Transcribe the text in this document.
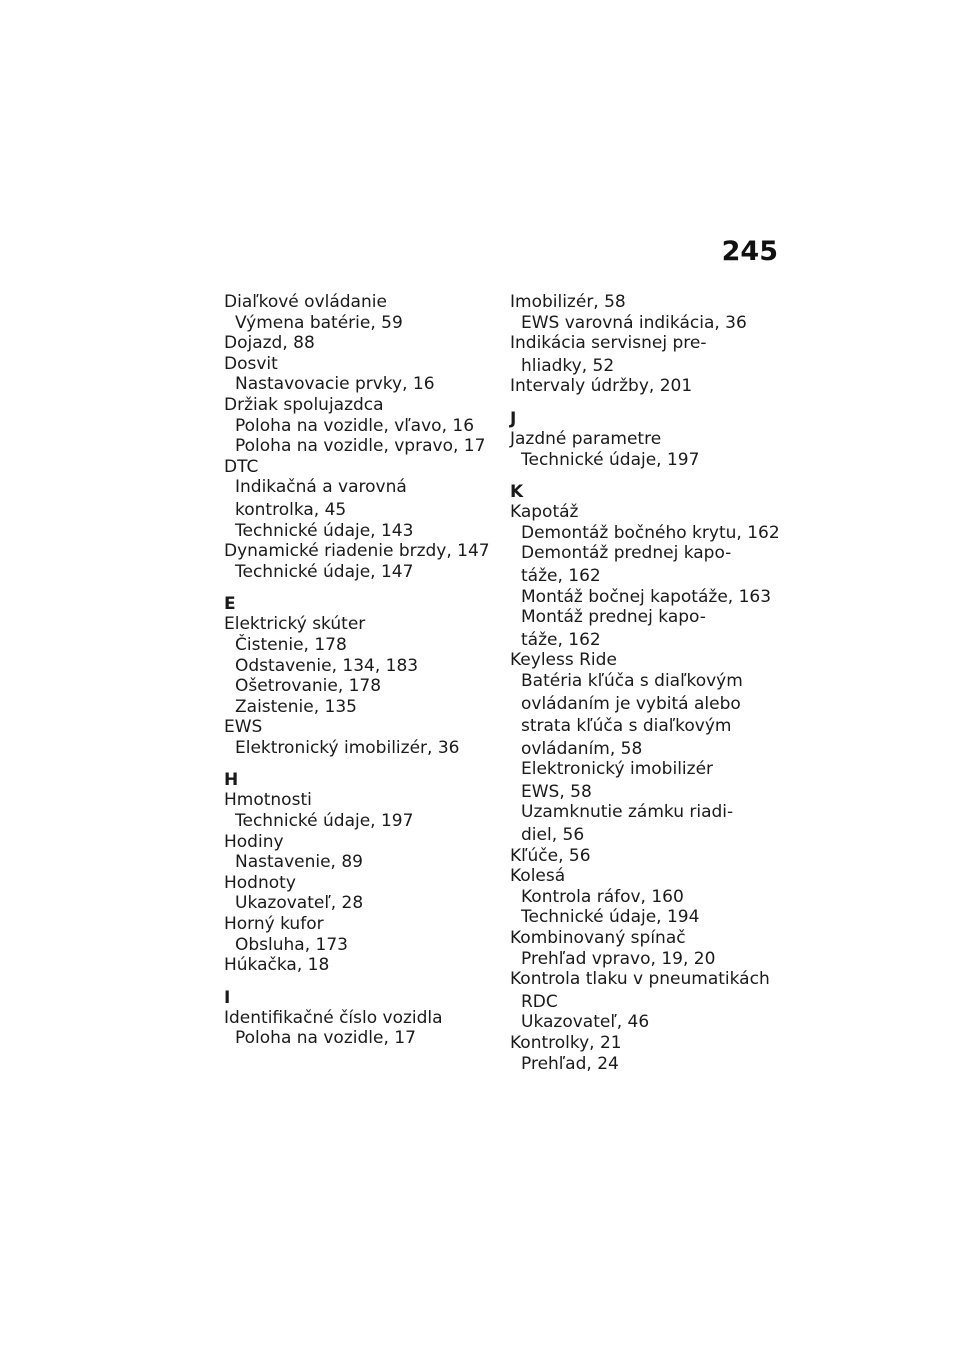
245
Diaľkové ovládanie
Výmena batérie, 59
Dojazd, 88
Dosvit
Nastavovacie prvky, 16
Držiak spolujazdca
Poloha na vozidle, vľavo, 16
Poloha na vozidle, vpravo, 17
DTC
Indikačná a varovná
kontrolka, 45
Technické údaje, 143
Dynamické riadenie brzdy, 147
Technické údaje, 147
E
Elektrický skúter
Čistenie, 178
Odstavenie, 134, 183
Ošetrovanie, 178
Zaistenie, 135
EWS
Elektronický imobilizér, 36
H
Hmotnosti
Technické údaje, 197
Hodiny
Nastavenie, 89
Hodnoty
Ukazovateľ, 28
Horný kufor
Obsluha, 173
Húkačka, 18
I
Identifikačné číslo vozidla
Poloha na vozidle, 17
Imobilizér, 58
EWS varovná indikácia, 36
Indikácia servisnej pre-
hliadky, 52
Intervaly údržby, 201
J
Jazdné parametre
Technické údaje, 197
K
Kapotáž
Demontáž bočného krytu, 162
Demontáž prednej kapo-
táže, 162
Montáž bočnej kapotáže, 163
Montáž prednej kapo-
táže, 162
Keyless Ride
Batéria kľúča s diaľkovým
ovládaním je vybitá alebo
strata kľúča s diaľkovým
ovládaním, 58
Elektronický imobilizér
EWS, 58
Uzamknutie zámku riadi-
diel, 56
Kľúče, 56
Kolesá
Kontrola ráfov, 160
Technické údaje, 194
Kombinovaný spínač
Prehľad vpravo, 19, 20
Kontrola tlaku v pneumatikách
RDC
Ukazovateľ, 46
Kontrolky, 21
Prehľad, 24
